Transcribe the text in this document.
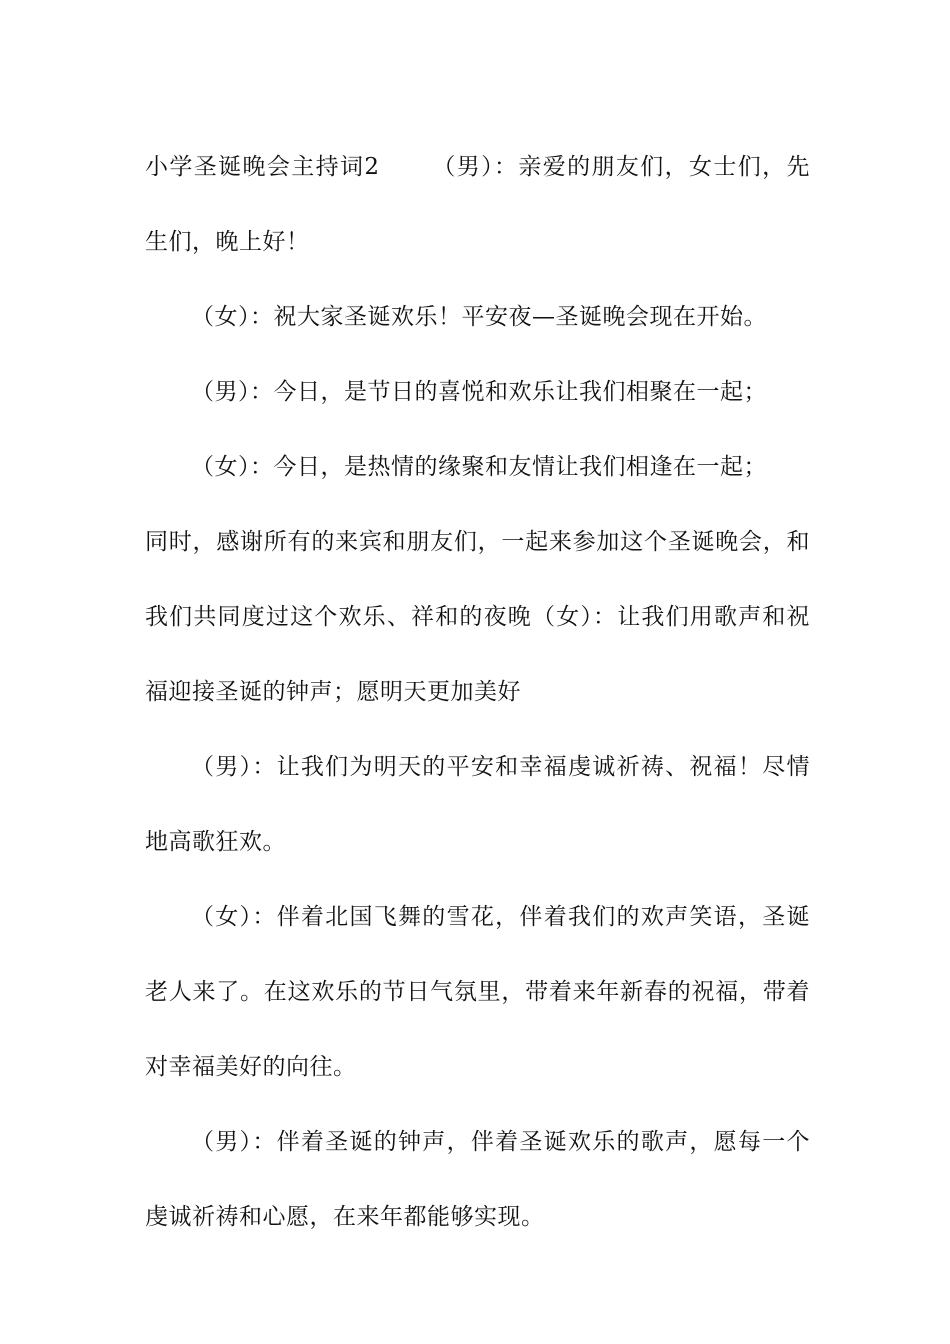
小学圣诞晚会主持词2 （男）：亲爱的朋友们，女士们，先生们，晚上好！

（女）：祝大家圣诞欢乐！平安夜—圣诞晚会现在开始。

（男）：今日，是节日的喜悦和欢乐让我们相聚在一起；

（女）：今日，是热情的缘聚和友情让我们相逢在一起；

同时，感谢所有的来宾和朋友们，一起来参加这个圣诞晚会，和我们共同度过这个欢乐、祥和的夜晚（女）：让我们用歌声和祝福迎接圣诞的钟声；愿明天更加美好

（男）：让我们为明天的平安和幸福虔诚祈祷、祝福！尽情地高歌狂欢。

（女）：伴着北国飞舞的雪花，伴着我们的欢声笑语，圣诞老人来了。在这欢乐的节日气氛里，带着来年新春的祝福，带着对幸福美好的向往。

（男）：伴着圣诞的钟声，伴着圣诞欢乐的歌声，愿每一个虔诚祈祷和心愿，在来年都能够实现。
